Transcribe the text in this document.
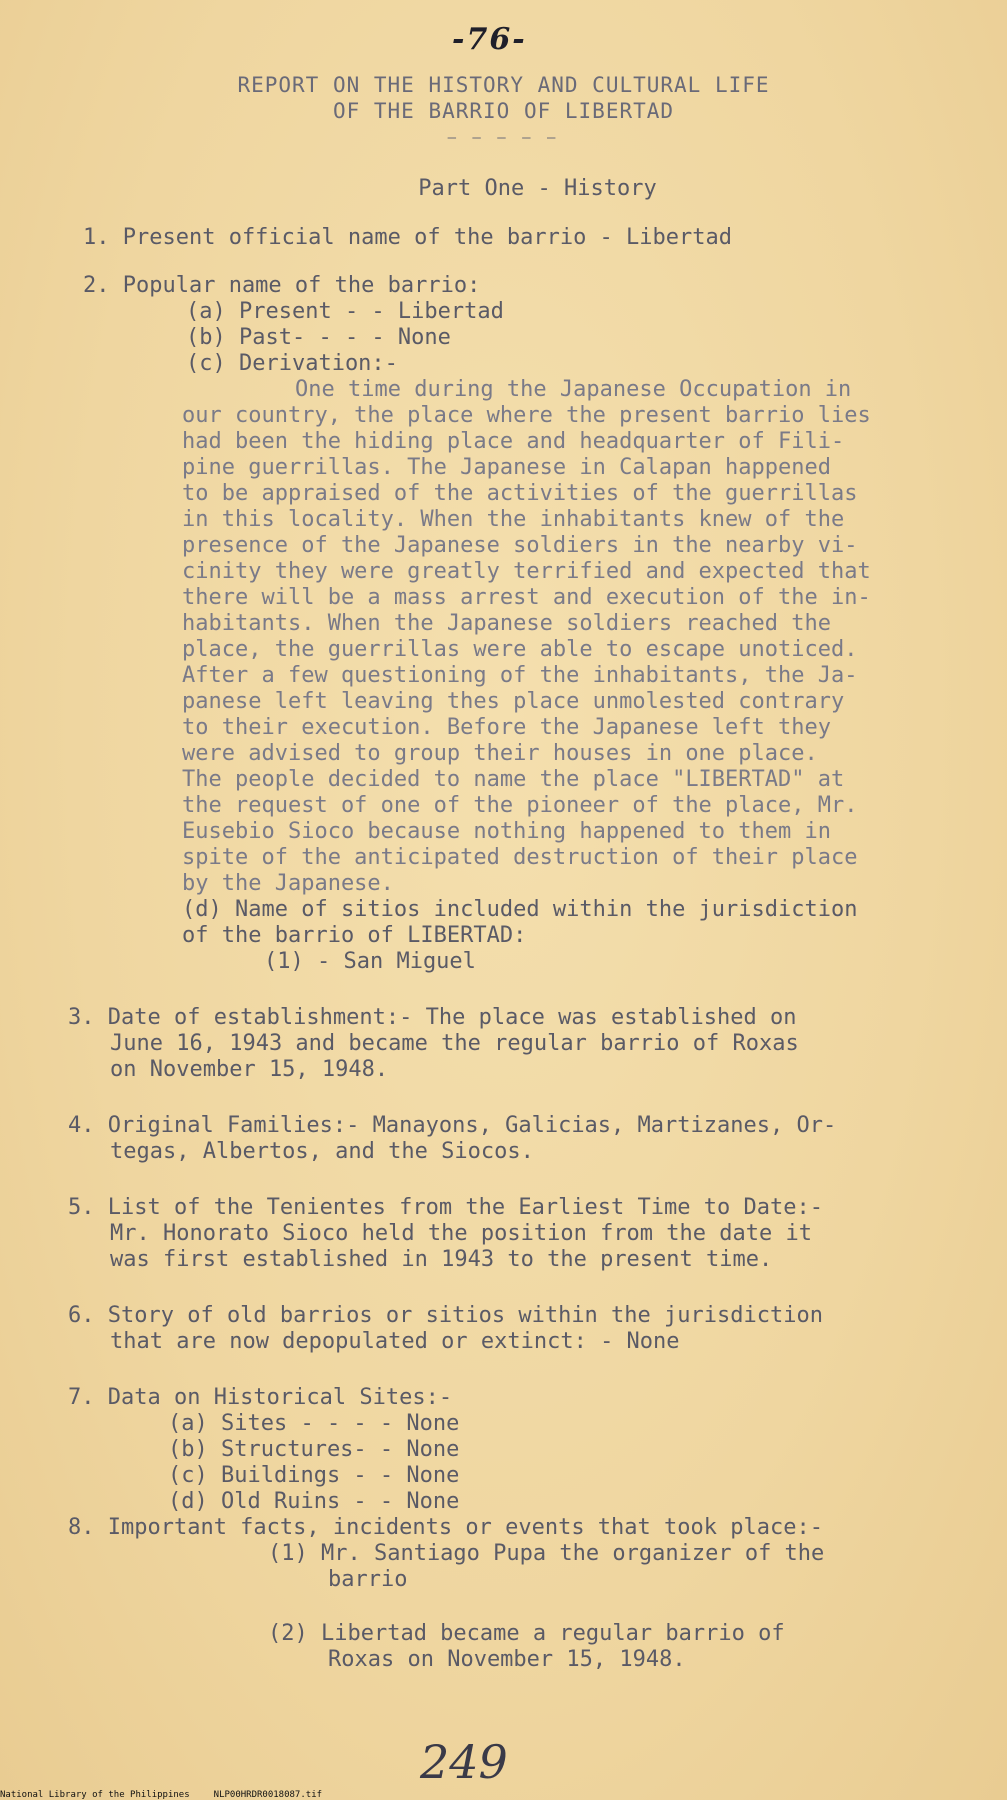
-76-
REPORT ON THE HISTORY AND CULTURAL LIFE
OF THE BARRIO OF LIBERTAD
— — — — —
Part One - History
1. Present official name of the barrio - Libertad
2. Popular name of the barrio:
(a) Present - - Libertad
(b) Past- - - - None
(c) Derivation:-
One time during the Japanese Occupation in
our country, the place where the present barrio lies
had been the hiding place and headquarter of Fili-
pine guerrillas. The Japanese in Calapan happened
to be appraised of the activities of the guerrillas
in this locality. When the inhabitants knew of the
presence of the Japanese soldiers in the nearby vi-
cinity they were greatly terrified and expected that
there will be a mass arrest and execution of the in-
habitants. When the Japanese soldiers reached the
place, the guerrillas were able to escape unoticed.
After a few questioning of the inhabitants, the Ja-
panese left leaving thes place unmolested contrary
to their execution. Before the Japanese left they
were advised to group their houses in one place.
The people decided to name the place "LIBERTAD" at
the request of one of the pioneer of the place, Mr.
Eusebio Sioco because nothing happened to them in
spite of the anticipated destruction of their place
by the Japanese.
(d) Name of sitios included within the jurisdiction
of the barrio of LIBERTAD:
(1) - San Miguel
3. Date of establishment:- The place was established on
June 16, 1943 and became the regular barrio of Roxas
on November 15, 1948.
4. Original Families:- Manayons, Galicias, Martizanes, Or-
tegas, Albertos, and the Siocos.
5. List of the Tenientes from the Earliest Time to Date:-
Mr. Honorato Sioco held the position from the date it
was first established in 1943 to the present time.
6. Story of old barrios or sitios within the jurisdiction
that are now depopulated or extinct: - None
7. Data on Historical Sites:-
(a) Sites - - - - None
(b) Structures- - None
(c) Buildings - - None
(d) Old Ruins - - None
8. Important facts, incidents or events that took place:-
(1) Mr. Santiago Pupa the organizer of the
barrio
(2) Libertad became a regular barrio of
Roxas on November 15, 1948.
249
National Library of the Philippines	NLP00HRDR0018087.tif
